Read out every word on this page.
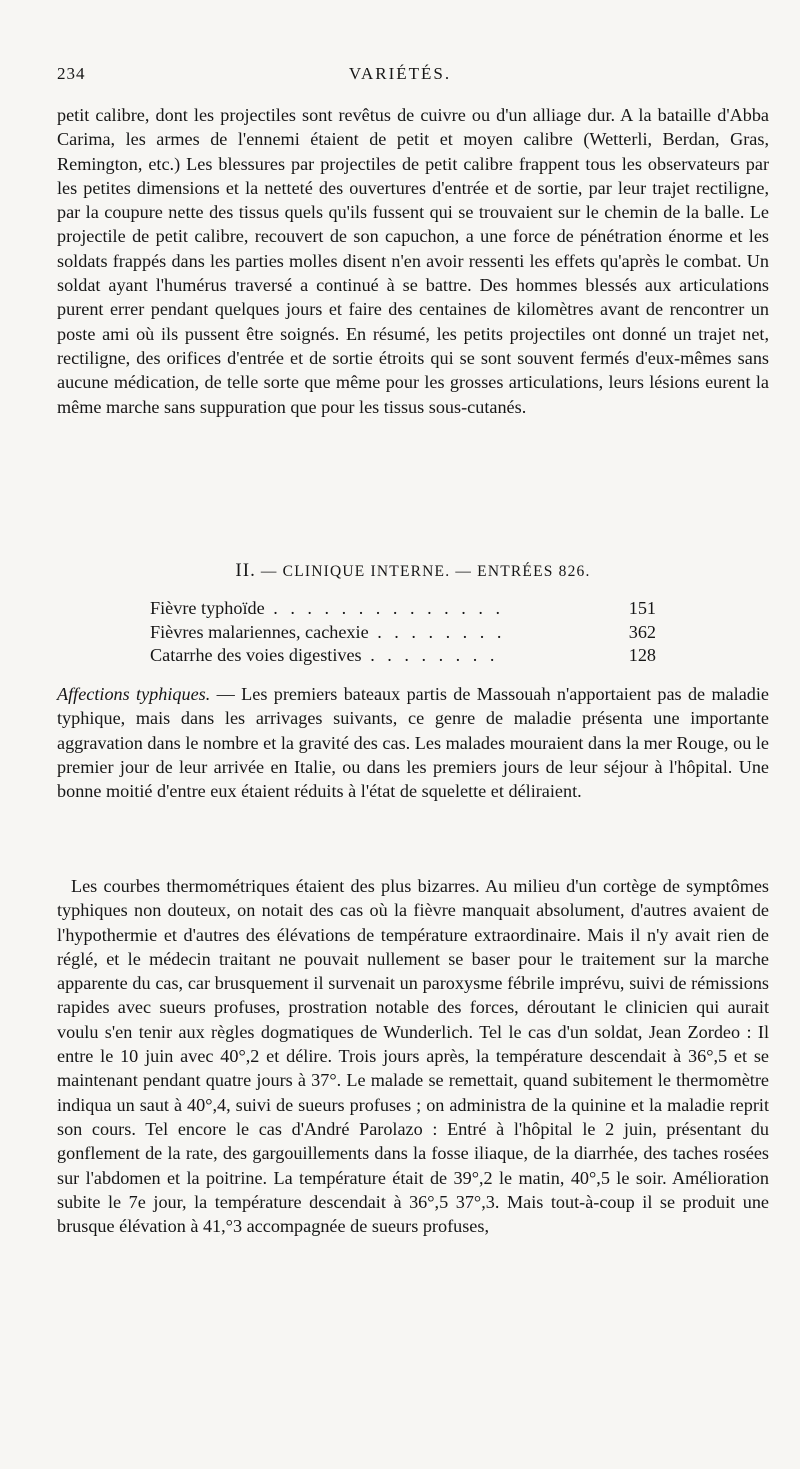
234	VARIÉTÉS.

petit calibre, dont les projectiles sont revêtus de cuivre ou d'un alliage dur. A la bataille d'Abba Carima, les armes de l'ennemi étaient de petit et moyen calibre (Wetterli, Berdan, Gras, Remington, etc.) Les blessures par projectiles de petit calibre frappent tous les observateurs par les petites dimensions et la netteté des ouvertures d'entrée et de sortie, par leur trajet rectiligne, par la coupure nette des tissus quels qu'ils fussent qui se trouvaient sur le chemin de la balle. Le projectile de petit calibre, recouvert de son capuchon, a une force de pénétration énorme et les soldats frappés dans les parties molles disent n'en avoir ressenti les effets qu'après le combat. Un soldat ayant l'humérus traversé a continué à se battre. Des hommes blessés aux articulations purent errer pendant quelques jours et faire des centaines de kilomètres avant de rencontrer un poste ami où ils pussent être soignés. En résumé, les petits projectiles ont donné un trajet net, rectiligne, des orifices d'entrée et de sortie étroits qui se sont souvent fermés d'eux-mêmes sans aucune médication, de telle sorte que même pour les grosses articulations, leurs lésions eurent la même marche sans suppuration que pour les tissus sous-cutanés.

II. — CLINIQUE INTERNE. — ENTRÉES 826.

Fièvre typhoïde . . . . . . . . . . . . . .	151
Fièvres malariennes, cachexie . . . . . . . .	362
Catarrhe des voies digestives . . . . . . . .	128

Affections typhiques. — Les premiers bateaux partis de Massouah n'apportaient pas de maladie typhique, mais dans les arrivages suivants, ce genre de maladie présenta une importante aggravation dans le nombre et la gravité des cas. Les malades mouraient dans la mer Rouge, ou le premier jour de leur arrivée en Italie, ou dans les premiers jours de leur séjour à l'hôpital. Une bonne moitié d'entre eux étaient réduits à l'état de squelette et déliraient.

Les courbes thermométriques étaient des plus bizarres. Au milieu d'un cortège de symptômes typhiques non douteux, on notait des cas où la fièvre manquait absolument, d'autres avaient de l'hypothermie et d'autres des élévations de température extraordinaire. Mais il n'y avait rien de réglé, et le médecin traitant ne pouvait nullement se baser pour le traitement sur la marche apparente du cas, car brusquement il survenait un paroxysme fébrile imprévu, suivi de rémissions rapides avec sueurs profuses, prostration notable des forces, déroutant le clinicien qui aurait voulu s'en tenir aux règles dogmatiques de Wunderlich. Tel le cas d'un soldat, Jean Zordeo : Il entre le 10 juin avec 40°,2 et délire. Trois jours après, la température descendait à 36°,5 et se maintenant pendant quatre jours à 37°. Le malade se remettait, quand subitement le thermomètre indiqua un saut à 40°,4, suivi de sueurs profuses ; on administra de la quinine et la maladie reprit son cours. Tel encore le cas d'André Parolazo : Entré à l'hôpital le 2 juin, présentant du gonflement de la rate, des gargouillements dans la fosse iliaque, de la diarrhée, des taches rosées sur l'abdomen et la poitrine. La température était de 39°,2 le matin, 40°,5 le soir. Amélioration subite le 7e jour, la température descendait à 36°,5 37°,3. Mais tout-à-coup il se produit une brusque élévation à 41,°3 accompagnée de sueurs profuses,
